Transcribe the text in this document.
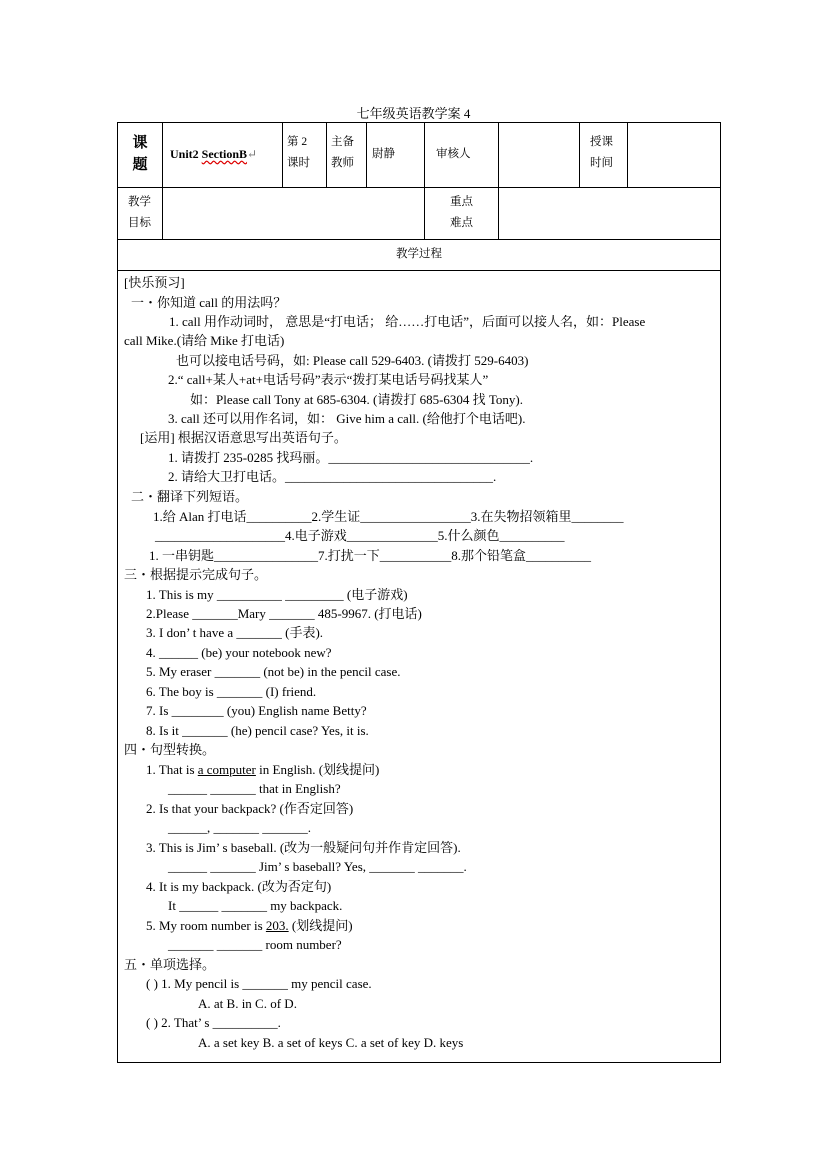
七年级英语教学案 4
课
题
Unit2 SectionB↵
第 2
课时
主备
教师
尉静	审核人
授课
时间
教学
目标
重点
难点
教学过程
[快乐预习]
一・你知道 call 的用法吗？
1. call 用作动词时， 意思是“打电话； 给……打电话”，后面可以接人名，如：Please
call Mike.(请给 Mike 打电话)
也可以接电话号码，如: Please call 529-6403. (请拨打 529-6403)
2.“ call+某人+at+电话号码”表示“拨打某电话号码找某人”
如：Please call Tony at 685-6304. (请拨打 685-6304 找 Tony).
3. call 还可以用作名词，如： Give him a call. (给他打个电话吧).
[运用] 根据汉语意思写出英语句子。
1. 请拨打 235-0285 找玛丽。_______________________________.
2. 请给大卫打电话。________________________________.
二・翻译下列短语。
1.给 Alan 打电话__________2.学生证_________________3.在失物招领箱里________
____________________4.电子游戏______________5.什么颜色__________
1. 一串钥匙________________7.打扰一下___________8.那个铅笔盒__________
三・根据提示完成句子。
1. This is my __________ _________ (电子游戏)
2.Please _______Mary _______ 485-9967. (打电话)
3. I don’ t have a _______ (手表).
4. ______ (be) your notebook new?
5. My eraser _______ (not be) in the pencil case.
6. The boy is _______ (I) friend.
7. Is ________ (you) English name Betty?
8. Is it _______ (he) pencil case? Yes, it is.
四・句型转换。
1. That is a computer in English. (划线提问)
______ _______ that in English?
2. Is that your backpack? (作否定回答)
______, _______ _______.
3. This is Jim’ s baseball. (改为一般疑问句并作肯定回答).
______ _______ Jim’ s baseball? Yes, _______ _______.
4. It is my backpack. (改为否定句)
It ______ _______ my backpack.
5. My room number is 203. (划线提问)
_______ _______ room number?
五・单项选择。
( ) 1. My pencil is _______ my pencil case.
A. at B. in C. of D.
( ) 2. That’ s __________.
A. a set key B. a set of keys C. a set of key D. keys
